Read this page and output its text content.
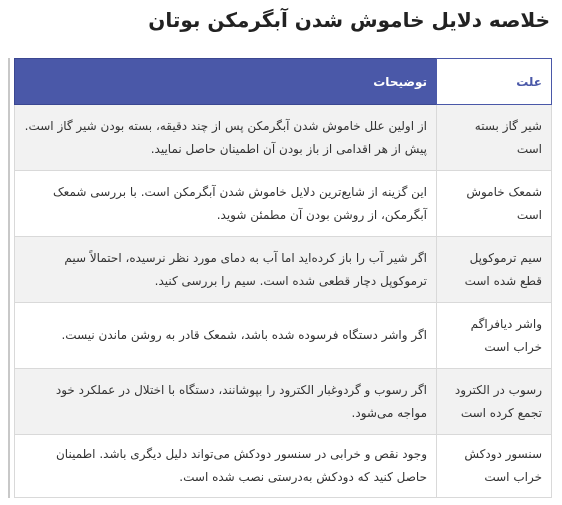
خلاصه دلایل خاموش شدن آبگرمکن بوتان
علت	توضیحات
شیر گاز بسته است	از اولین علل خاموش شدن آبگرمکن پس از چند دقیقه، بسته بودن شیر گاز است. پیش از هر اقدامی از باز بودن آن اطمینان حاصل نمایید.
شمعک خاموش است	این گزینه از شایع‌ترین دلایل خاموش شدن آبگرمکن است. با بررسی شمعک آبگرمکن، از روشن بودن آن مطمئن شوید.
سیم ترموکوپل قطع شده است	اگر شیر آب را باز کرده‌اید اما آب به دمای مورد نظر نرسیده، احتمالاً سیم ترموکوپل دچار قطعی شده است. سیم را بررسی کنید.
واشر دیافراگم خراب است	اگر واشر دستگاه فرسوده شده باشد، شمعک قادر به روشن ماندن نیست.
رسوب در الکترود تجمع کرده است	اگر رسوب و گردوغبار الکترود را بپوشانند، دستگاه با اختلال در عملکرد خود مواجه می‌شود.
سنسور دودکش خراب است	وجود نقص و خرابی در سنسور دودکش می‌تواند دلیل دیگری باشد. اطمینان حاصل کنید که دودکش به‌درستی نصب شده است.
